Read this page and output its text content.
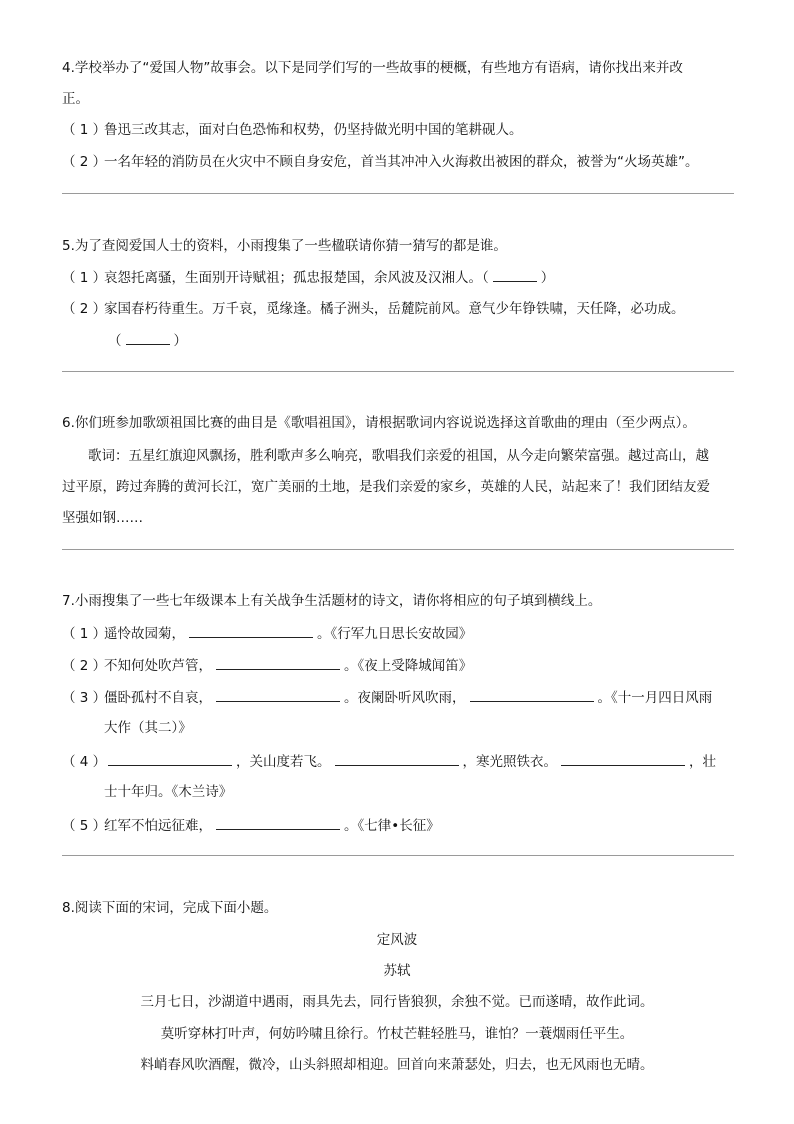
4.学校举办了“爱国人物”故事会。以下是同学们写的一些故事的梗概，有些地方有语病，请你找出来并改
正。
（ 1 ）鲁迅三改其志，面对白色恐怖和权势，仍坚持做光明中国的笔耕砚人。
（ 2 ）一名年轻的消防员在火灾中不顾自身安危，首当其冲冲入火海救出被困的群众，被誉为“火场英雄”。
5.为了查阅爱国人士的资料，小雨搜集了一些楹联请你猜一猜写的都是谁。
（ 1 ）哀怨托离骚，生面别开诗赋祖；孤忠报楚国，余风波及汉湘人。（	）
（ 2 ）家国春朽待重生。万千哀，觅缘逢。橘子洲头，岳麓院前风。意气少年铮铁啸，天任降，必功成。
（	）
6.你们班参加歌颂祖国比赛的曲目是《歌唱祖国》，请根据歌词内容说说选择这首歌曲的理由（至少两点）。
歌词：五星红旗迎风飘扬，胜利歌声多么响亮，歌唱我们亲爱的祖国，从今走向繁荣富强。越过高山，越
过平原，跨过奔腾的黄河长江，宽广美丽的土地，是我们亲爱的家乡，英雄的人民，站起来了！我们团结友爱
坚强如钢……
7.小雨搜集了一些七年级课本上有关战争生活题材的诗文，请你将相应的句子填到横线上。
（ 1 ）遥怜故园菊，	。《行军九日思长安故园》
（ 2 ）不知何处吹芦管，	。《夜上受降城闻笛》
（ 3 ）僵卧孤村不自哀，	。夜阑卧听风吹雨，	。《十一月四日风雨
大作（其二）》
（ 4 ）	，关山度若飞。	，寒光照铁衣。	，壮
士十年归。《木兰诗》
（ 5 ）红军不怕远征难，	。《七律•长征》
8.阅读下面的宋词，完成下面小题。
定风波
苏轼
三月七日，沙湖道中遇雨，雨具先去，同行皆狼狈，余独不觉。已而遂晴，故作此词。
莫听穿林打叶声，何妨吟啸且徐行。竹杖芒鞋轻胜马，谁怕？一蓑烟雨任平生。
料峭春风吹酒醒，微冷，山头斜照却相迎。回首向来萧瑟处，归去，也无风雨也无晴。
